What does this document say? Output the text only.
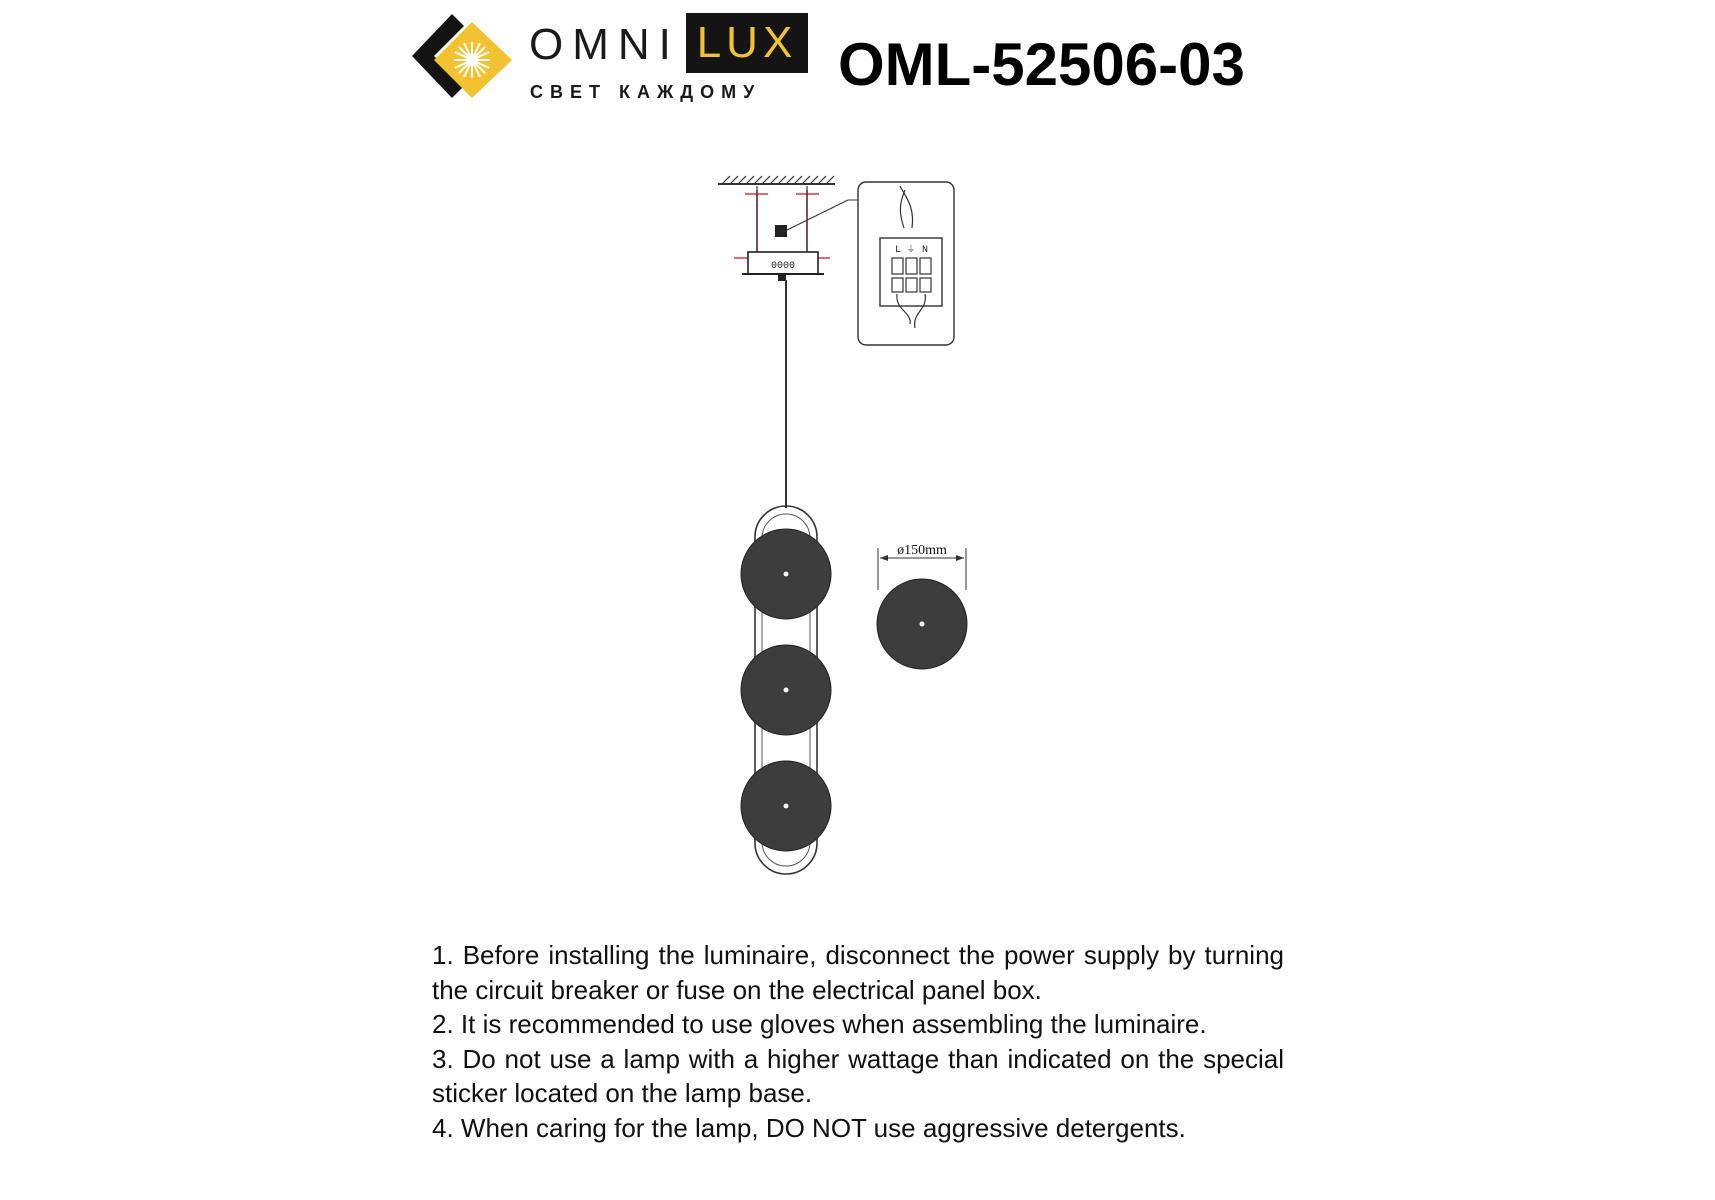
OMNI LUX
СВЕТ КАЖДОМУ OML-52506-03
0000
L ⏚ N
ø150mm

1. Before installing the luminaire, disconnect the power supply by turning the circuit breaker or fuse on the electrical panel box.

2. It is recommended to use gloves when assembling the luminaire.

3. Do not use a lamp with a higher wattage than indicated on the special sticker located on the lamp base.

4. When caring for the lamp, DO NOT use aggressive detergents.
